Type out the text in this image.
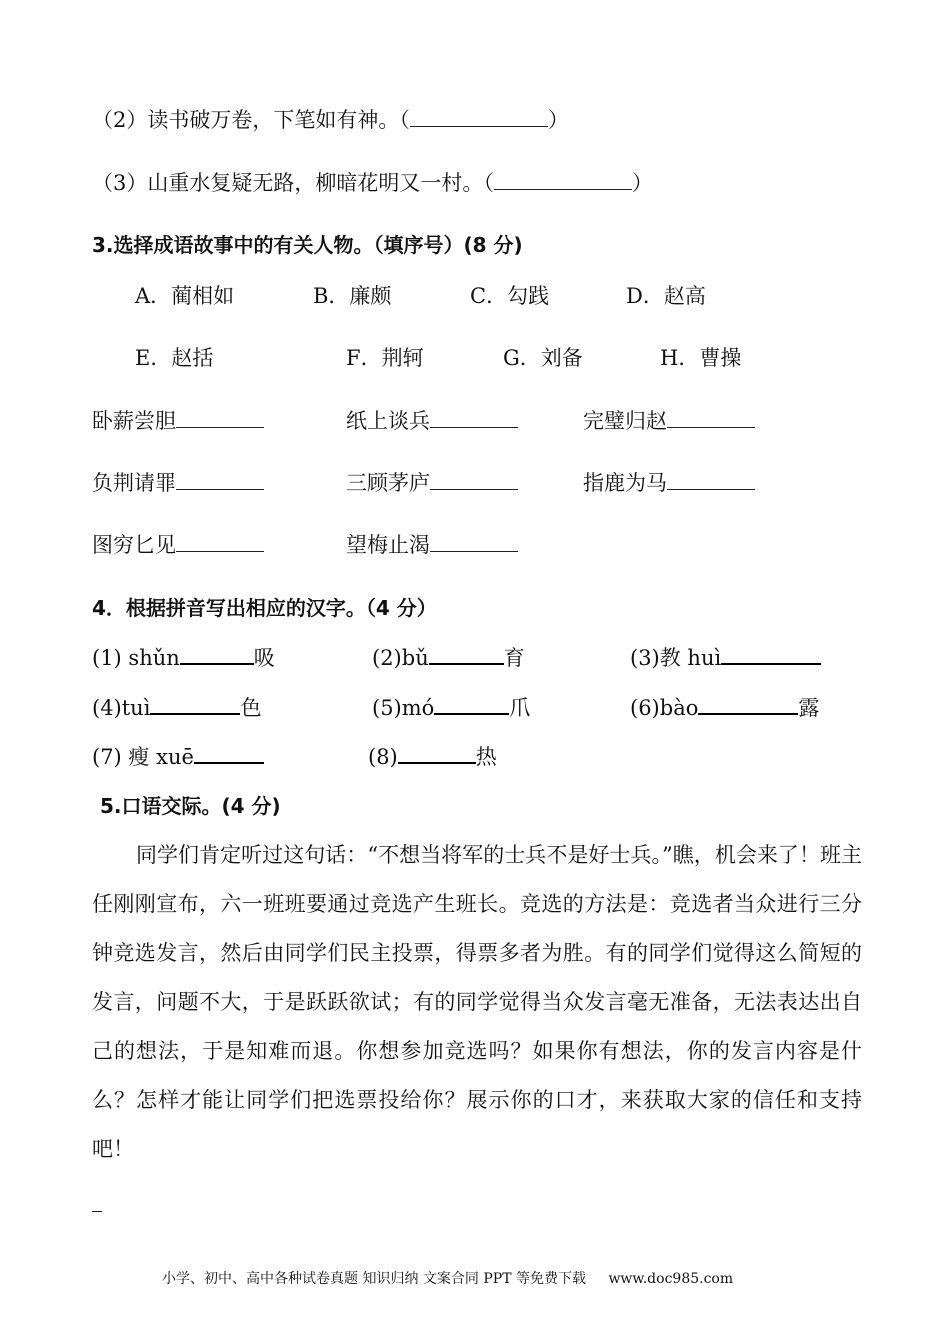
（2）读书破万卷，下笔如有神。（	）
（3）山重水复疑无路，柳暗花明又一村。（	）
3.选择成语故事中的有关人物。（填序号）(8 分)
A．蔺相如	B．廉颇	C．勾践	D．赵高
E．赵括	F．荆轲	G．刘备	H．曹操
卧薪尝胆	纸上谈兵	完璧归赵
负荆请罪	三顾茅庐	指鹿为马
图穷匕见	望梅止渴
4．根据拼音写出相应的汉字。（4 分）
(1) shǔn	吸	(2)bǔ	育	(3)教 huì
(4)tuì	色	(5)mó	爪	(6)bào	露
(7) 瘦 xuē	(8)	热
5.口语交际。(4 分)
同学们肯定听过这句话：“不想当将军的士兵不是好士兵。”瞧，机会来了！班主任刚刚宣布，六一班班要通过竞选产生班长。竞选的方法是：竞选者当众进行三分钟竞选发言，然后由同学们民主投票，得票多者为胜。有的同学们觉得这么简短的发言，问题不大，于是跃跃欲试；有的同学觉得当众发言毫无准备，无法表达出自己的想法，于是知难而退。你想参加竞选吗？如果你有想法，你的发言内容是什么？怎样才能让同学们把选票投给你？展示你的口才，来获取大家的信任和支持吧！
小学、初中、高中各种试卷真题 知识归纳 文案合同 PPT 等免费下载 www.doc985.com
